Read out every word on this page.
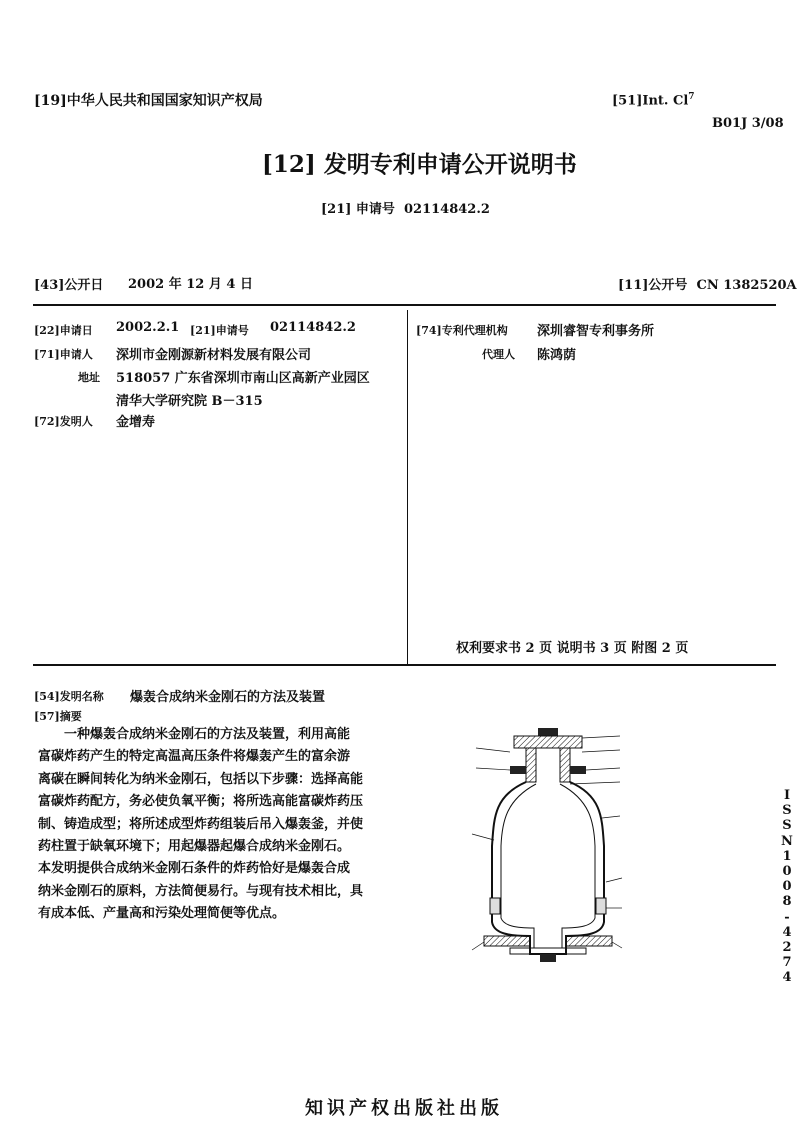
[19]中华人民共和国国家知识产权局	[51]Int. Cl$^7$
B01J 3/08
[12] 发明专利申请公开说明书
[21] 申请号 02114842.2
[43]公开日 2002 年 12 月 4 日	[11]公开号 CN 1382520A
[22]申请日 2002.2.1 [21]申请号 02114842.2
[71]申请人 深圳市金刚源新材料发展有限公司
地址 518057 广东省深圳市南山区高新产业园区
清华大学研究院 B－315
[72]发明人 金增寿
[74]专利代理机构 深圳睿智专利事务所
代理人 陈鸿荫
权利要求书 2 页 说明书 3 页 附图 2 页
[54]发明名称 爆轰合成纳米金刚石的方法及装置
[57]摘要

一种爆轰合成纳米金刚石的方法及装置，利用高能

富碳炸药产生的特定高温高压条件将爆轰产生的富余游

离碳在瞬间转化为纳米金刚石，包括以下步骤：选择高能

富碳炸药配方，务必使负氧平衡；将所选高能富碳炸药压

制、铸造成型；将所述成型炸药组装后吊入爆轰釜，并使

药柱置于缺氧环境下；用起爆器起爆合成纳米金刚石。

本发明提供合成纳米金刚石条件的炸药恰好是爆轰合成

纳米金刚石的原料，方法简便易行。与现有技术相比，具

有成本低、产量高和污染处理简便等优点。

ISSN1008-4274
知识产权出版社出版
